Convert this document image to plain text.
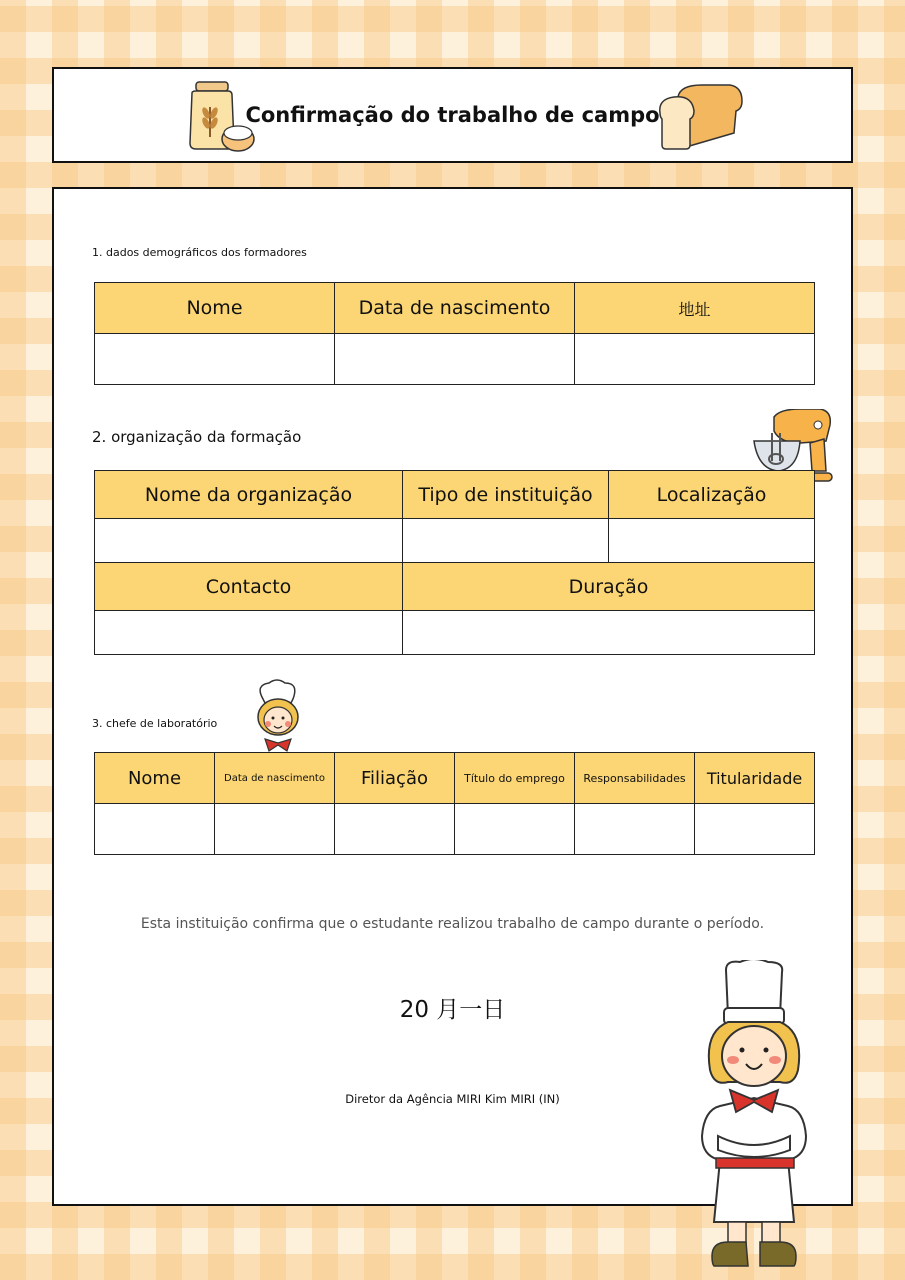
Confirmação do trabalho de campo
1. dados demográficos dos formadores
Nome	Data de nascimento	地址

2. organização da formação
Nome da organização	Tipo de instituição	Localização

Contacto	Duração	

3. chefe de laboratório
Nome	Data de nascimento	Filiação	Título do emprego	Responsabilidades	Titularidade

Esta instituição confirma que o estudante realizou trabalho de campo durante o período.
20 月一日
Diretor da Agência MIRI Kim MIRI (IN)
